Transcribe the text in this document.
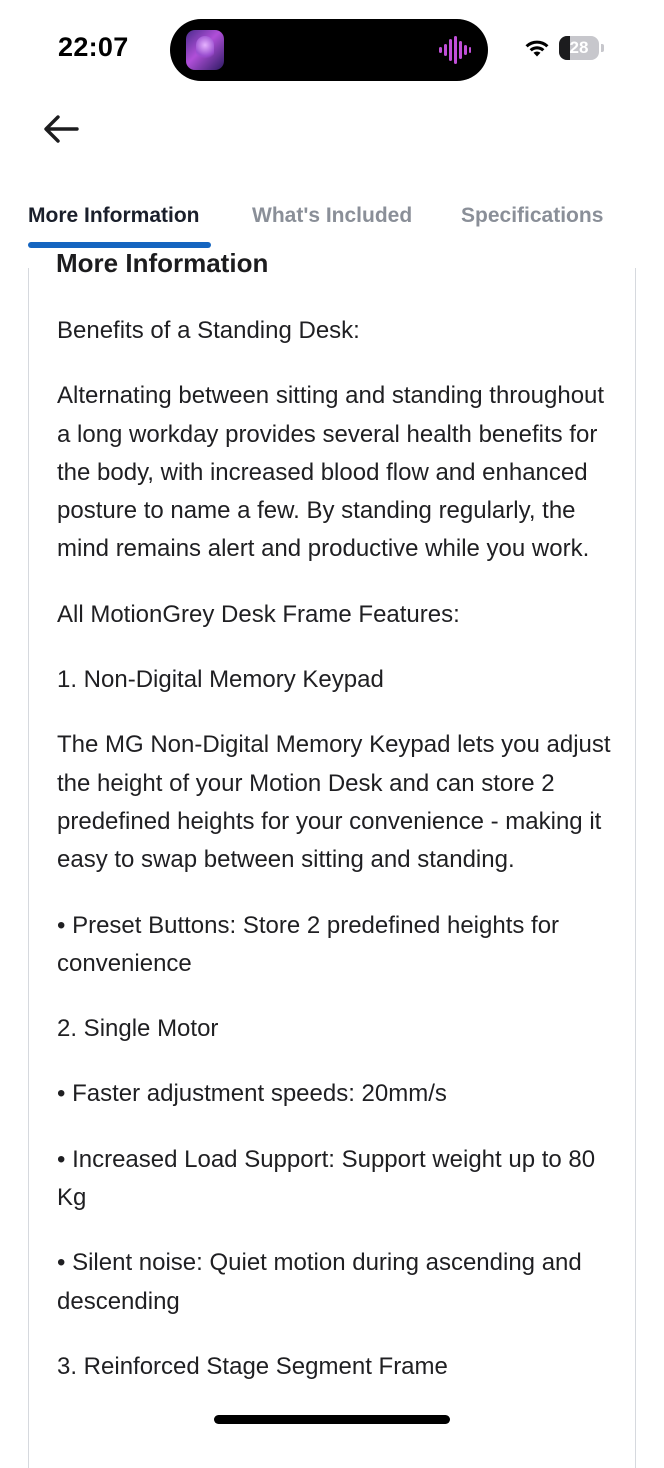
22:07	28
More Information	What's Included Specifications
More Information

Benefits of a Standing Desk:

Alternating between sitting and standing throughout a long workday provides several health benefits for the body, with increased blood flow and enhanced posture to name a few. By standing regularly, the mind remains alert and productive while you work.

All MotionGrey Desk Frame Features:

1. Non-Digital Memory Keypad

The MG Non-Digital Memory Keypad lets you adjust the height of your Motion Desk and can store 2 predefined heights for your convenience - making it easy to swap between sitting and standing.

• Preset Buttons: Store 2 predefined heights for convenience

2. Single Motor

• Faster adjustment speeds: 20mm/s

• Increased Load Support: Support weight up to 80 Kg

• Silent noise: Quiet motion during ascending and descending

3. Reinforced Stage Segment Frame
